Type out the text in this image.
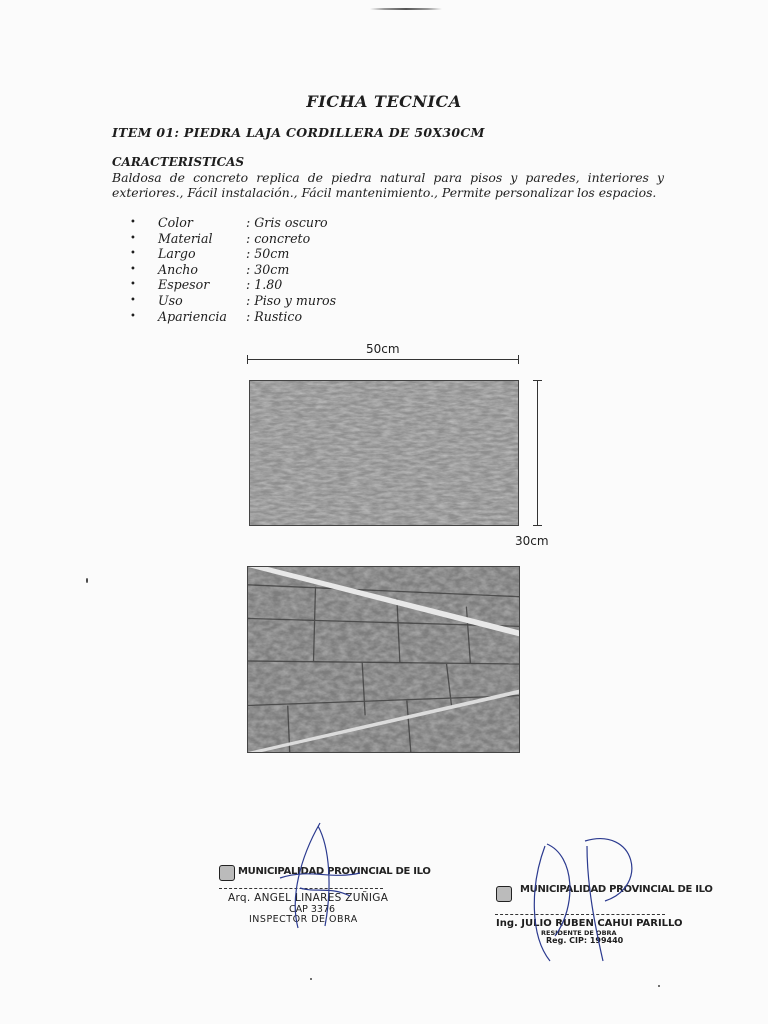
FICHA TECNICA
ITEM 01: PIEDRA LAJA CORDILLERA DE 50X30CM
CARACTERISTICAS
Baldosa de concreto replica de piedra natural para pisos y paredes, interiores y exteriores., Fácil instalación., Fácil mantenimiento., Permite personalizar los espacios.
•	Color	: Gris oscuro
•	Material	: concreto
•	Largo	: 50cm
•	Ancho	: 30cm
•	Espesor	: 1.80
•	Uso	: Piso y muros
•	Apariencia	: Rustico
50cm
30cm
MUNICIPALIDAD PROVINCIAL DE ILO
Arq. ANGEL LINARES ZUÑIGA
CAP 3376
INSPECTOR DE OBRA
MUNICIPALIDAD PROVINCIAL DE ILO
Ing. JULIO RUBEN CAHUI PARILLO
RESIDENTE DE OBRA
Reg. CIP: 199440
